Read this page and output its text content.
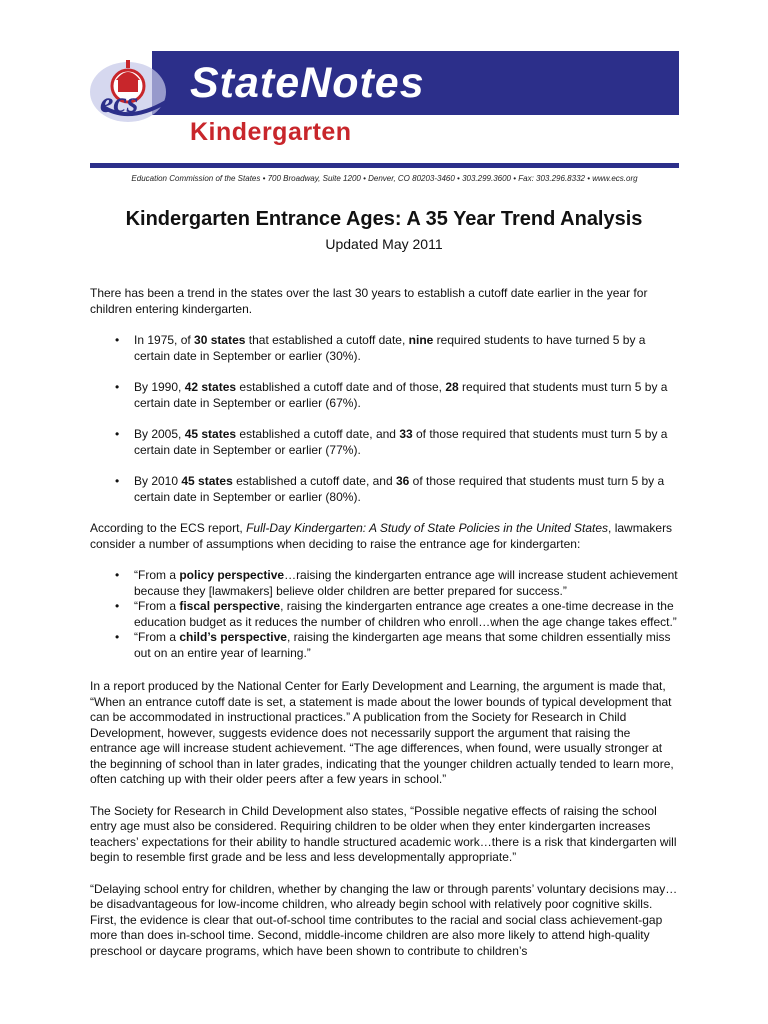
ecs StateNotes
Kindergarten
Education Commission of the States • 700 Broadway, Suite 1200 • Denver, CO 80203-3460 • 303.299.3600 • Fax: 303.296.8332 • www.ecs.org
Kindergarten Entrance Ages: A 35 Year Trend Analysis
Updated May 2011

There has been a trend in the states over the last 30 years to establish a cutoff date earlier in the year for children entering kindergarten.

• In 1975, of 30 states that established a cutoff date, nine required students to have turned 5 by a certain date in September or earlier (30%).
• By 1990, 42 states established a cutoff date and of those, 28 required that students must turn 5 by a certain date in September or earlier (67%).
• By 2005, 45 states established a cutoff date, and 33 of those required that students must turn 5 by a certain date in September or earlier (77%).
• By 2010 45 states established a cutoff date, and 36 of those required that students must turn 5 by a certain date in September or earlier (80%).

According to the ECS report, Full-Day Kindergarten: A Study of State Policies in the United States, lawmakers consider a number of assumptions when deciding to raise the entrance age for kindergarten:

• “From a policy perspective…raising the kindergarten entrance age will increase student achievement because they [lawmakers] believe older children are better prepared for success.”
• “From a fiscal perspective, raising the kindergarten entrance age creates a one-time decrease in the education budget as it reduces the number of children who enroll…when the age change takes effect.”
• “From a child’s perspective, raising the kindergarten age means that some children essentially miss out on an entire year of learning.”

In a report produced by the National Center for Early Development and Learning, the argument is made that, “When an entrance cutoff date is set, a statement is made about the lower bounds of typical development that can be accommodated in instructional practices.” A publication from the Society for Research in Child Development, however, suggests evidence does not necessarily support the argument that raising the entrance age will increase student achievement. “The age differences, when found, were usually stronger at the beginning of school than in later grades, indicating that the younger children actually tended to learn more, often catching up with their older peers after a few years in school.”

The Society for Research in Child Development also states, “Possible negative effects of raising the school entry age must also be considered. Requiring children to be older when they enter kindergarten increases teachers’ expectations for their ability to handle structured academic work…there is a risk that kindergarten will begin to resemble first grade and be less and less developmentally appropriate.”

“Delaying school entry for children, whether by changing the law or through parents’ voluntary decisions may…be disadvantageous for low-income children, who already begin school with relatively poor cognitive skills. First, the evidence is clear that out-of-school time contributes to the racial and social class achievement-gap more than does in-school time. Second, middle-income children are also more likely to attend high-quality preschool or daycare programs, which have been shown to contribute to children’s
